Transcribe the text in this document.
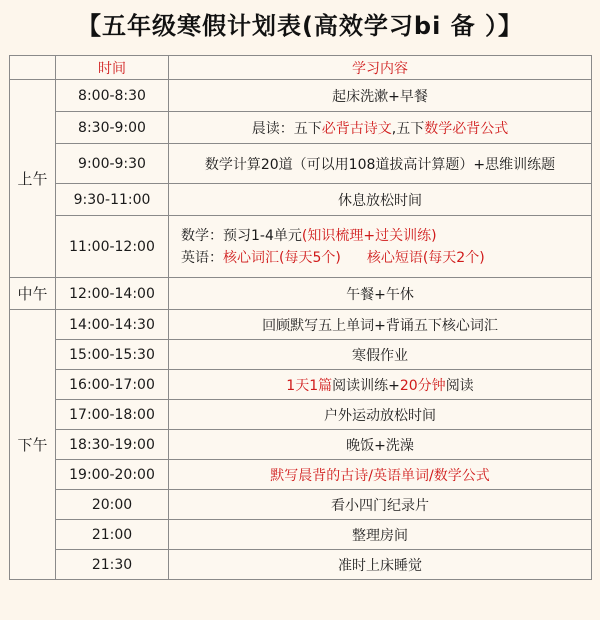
【五年级寒假计划表(高效学习bi 备 ）】
	时间	学习内容
上午	8:00-8:30	起床洗漱+早餐
	8:30-9:00	晨读：五下必背古诗文,五下数学必背公式
	9:00-9:30	数学计算20道（可以用108道拔高计算题）+思维训练题
	9:30-11:00	休息放松时间
	11:00-12:00	数学：预习1-4单元(知识梳理+过关训练)
英语：核心词汇(每天5个) 核心短语(每天2个)

中午	12:00-14:00	午餐+午休
下午	14:00-14:30	回顾默写五上单词+背诵五下核心词汇
	15:00-15:30	寒假作业
	16:00-17:00	1天1篇阅读训练+20分钟阅读
	17:00-18:00	户外运动放松时间
	18:30-19:00	晚饭+洗澡
	19:00-20:00	默写晨背的古诗/英语单词/数学公式
	20:00	看小四门纪录片
	21:00	整理房间
	21:30	准时上床睡觉
